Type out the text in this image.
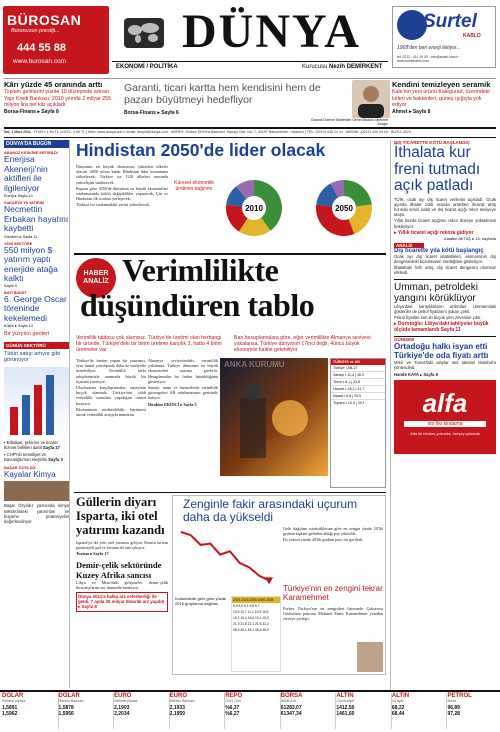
BÜROSAN
Büronuzun prestiji...
444 55 88
www.burosan.com
DÜNYA
EKONOMİ / POLİTİKA	Kurucusu Nezih DEMİRKENT
Surtel
KABLO
1968'den beri enerji iletiyor...
tel: 0212 - 411 19 00 · info@surtel.com.tr · www.surtelkablo.com
Kârı yüzde 45 oranında arttı
Toplam gelirlerini yüzde 10 düzeyinde artıran Yapı Kredi Bankası, 2010 yılında 2 milyar 255 milyon lira net kâr açıkladı
Borsa-Finans ▸ Sayfa 8
Garanti, ticari kartta hem kendisini hem de pazarı büyütmeyi hedefliyor
Borsa-Finans ▸ Sayfa 6
Garanti Ödeme Sistemleri Genel Müdürü Mehmet Sezgin
Kendini temizleyen seramik
Kale'nin yeni ürünü Kalegurad, üzerindeki kirleri ve bakterileri, güneş ışığıyla yok ediyor
Ahmet ▸ Sayfa 8
Sal, 1 Mart 2011 · FİYATI: 1,50 TL | KKTC: 1,60 TL | Web: www.dunya.com | email: dunya@dunya.com · ADRES: Globus DÜNYA Basınevi, Sanayi Cad. No: 7, 34197 Bahçelievler / İstanbul | TEL: (0212) 440 24 24 · ABONE: (0212) 440 24 00 · BÜYÜ: 4374
DÜNYA'DA BUGÜN
ABANOZ KESKİNE ARTIRILDI
Enerjisa Akenerji'nin aktifleri ile ilgileniyor
Enerji ▸ Sayfa 10
SAKARYA'YA YATIRIM
Necmettin Erbakan hayatını kaybetti
Gündem ▸ Sayfa 11
YENİ SEKTÖRE
550 milyon $ yatırım yaptı enerjide atağa kalktı
Sayfa 9
BAYİ BUKET
6. George Oscar töreninde kekelemedi
Kültür ▸ Sayfa 14
Bir yüzyılın gerileri
GÜNÜN SEKTÖRÜ
Tütün satışı artıyor gibi görünüyor
▪ Erbakan, şehirme ve ticaret hizmet birlikleri dahil Sayfa 17
▪ CHP'nin temsiliyet ve Davutoğlu'nun eleştirisi Sayfa 3
BAŞAR ÖZYILDIZ
Kayalar Kimya

Başar Özyıldız yazısında kimya sektöründeki yatırımları ve büyüme potansiyelini değerlendiriyor.

Hindistan 2050'de lider olacak

Dünyanın en büyük ekonomisi yükselen ülkeler olacak. 2050 yılına kadar Hindistan lider konumuna yükselecek; Türkiye ise G20 ülkeleri arasında yükselişini sürdürecek.

Rapora göre 2050'de dünyanın en büyük ekonomileri sıralamasında köklü değişiklikler yaşanacak. Çin ve Hindistan ilk sıralara yerleşecek.

Türkiye ise sıralamadaki yerini yükseltecek.

Küresel ekonomik üretimin dağılımı
2010	2050
HABER ANALİZ Verimlilikte
düşündüren tablo
Verimlilik tablosu çok olumsuz. Türkiye'de üretimi olan herhangi bir üründe, Türkiye'deki bir birim üretime karşılık 3, hatta 4 birim üretmeler var
Ban hesaplamalara göre, eğer verimlilikte Almanya seviyesi yakalansa, Türkiye dünyanın 17inci değil, 4üncü büyük ekonomisi haline gelebiliyor

Türkiye'de üretim yapan bir yatırımcı, aynı ürünü yurtdışında daha az maliyetle üretebiliyor. Verimlilik farkı rakiplerimizle aramızda büyük bir uçurum yaratıyor.

Uluslararası karşılaştırmalar, sanayinin birçok alanında Türkiye'nin ciddi verimlilik sorunları yaşadığını ortaya koyuyor.

Ekonominin sürdürülebilir büyümesi ancak verimlilik artışıyla mümkün.

Almanya seviyesindeki verimlilik yakalansa Türkiye dünyanın en büyük ekonomileri arasına girebilir. Hesaplamalar bu farkın büyüklüğünü gösteriyor.

Sanayi, tarım ve hizmetlerde verimlilik göstergeleri AB ortalamasının gerisinde kalıyor.

İbrahim EKİNCİ ▸ Sayfa 3

ANKA KURUMU	TÜRKİYE ve AB
Türkiye | AB-27
Sanayi ▪ 11,4 | 45,9
Tarım ▪ 6,1 | 23,8
Hizmet ▪ 18,2 | 41,7
İnşaat ▪ 9,8 | 34,5
Toplam ▪ 13,5 | 39,1
Güllerin diyarı Isparta, iki otel yatırımı kazandı

Isparta'ya iki yeni otel yatırımı geliyor. Kentin turizm potansiyeli gül ve lavanta ile öne çıkıyor.

Turizm ▸ Sayfa 17

Demir-çelik sektöründe Kuzey Afrika sancısı

Libya ve Mısır'daki gelişmeler, demir-çelik ihracatçılarını zor durumda bırakıyor.

Dünya 2011'e halka arz seferberliği ile geldi, 7 ayda 26 milyar dolarlık arz yapıldı ▸ Sayfa 8
Zenginle fakir arasındaki uçurum daha da yükseldi
Kullanılabilir gelir göre yüzde 2016 gruplarına dağılımı
2003 2004 2005 2006 2008
5,9 6,0 6,1 5,8 5,7
10,5 10,7 11,1 10,9 10,6
15,2 15,4 15,6 15,1 15,5
21,9 21,8 22,1 21,6 22,2
46,5 46,1 45,1 46,6 46,0

Gelir dağılımı istatistiklerine göre en zengin yüzde 20'lik grubun toplam gelirden aldığı pay yükseldi.

En yoksul yüzde 20'lik grubun payı ise geriledi.

Türkiye'nin en zengini tekrar Karamehmet

Forbes Türkiye'nin en zenginleri listesinde Çukurova Grubu'nun patronu Mehmet Emin Karamehmet yeniden zirveye yerleşti.

DIŞ TİCARETTE KÖTÜ BAŞLANGIÇ
İthalata kur freni tutmadı açık patladı

TÜİK, ocak ayı dış ticaret verilerini açıkladı. Ocak ayında ithalat ciddi oranda artarken ihracat artış hızında sınırlı kaldı ve dış ticaret açığı rekor seviyeye ulaştı.

Yıllık bazda ticaret açığının rekor düzeye yükselmesi bekleniyor.

▸ Yıllık ticaret açığı rekora gidiyor
Alaattin AKTAŞ ▸ 14. sayfada
ANALİZ
Dış ticarette yıla kötü başlangıç

Ocak ayı dış ticaret istatistikleri, ekonominin dış dengesindeki bozulmanın sürdüğünü gösteriyor.

İthalattaki hızlı artış, dış ticaret dengesini olumsuz etkiledi.

Umman, petroldeki yangını körüklüyor

Libya'daki karışıklıkların ardından Umman'daki gösteriler de petrol fiyatlarını yukarı çekti.

Petrol fiyatları son iki buçuk yılın zirvesine çıktı.

▸ Dorotoğlu: Libya'daki tahliyeler büyük ölçüde tamamlandı Sayfa 11
GÜNDEM
Ortadoğu halkı isyan etti Türkiye'de oda fiyatı arttı

Mısır ve Tunus'taki olaylar otel talebini İstanbul'a yönlendirdi.

Hande KAYA ▸ Sayfa 9

alfa
oto filo kiralama
Alfa ile herkes yolunda, herşey yolunda
DOLAR
Serbest piyasa
1,5891
1,5962
DOLAR
Merkez Bankası
1,5878
1,5956
EURO
Serbest piyasa
2,1903
2,2034
EURO
Merkez Bankası
2,1933
2,1959
REPO
ON/1 Gün
%6,37
%6,27
BORSA
İMKB-100
61283,07
61347,34
ALTIN
Cumhuriyet
1412,50
1461,60
ALTIN
24 ayar
68,22
68,44
PETROL
Brent
96,89
97,28
